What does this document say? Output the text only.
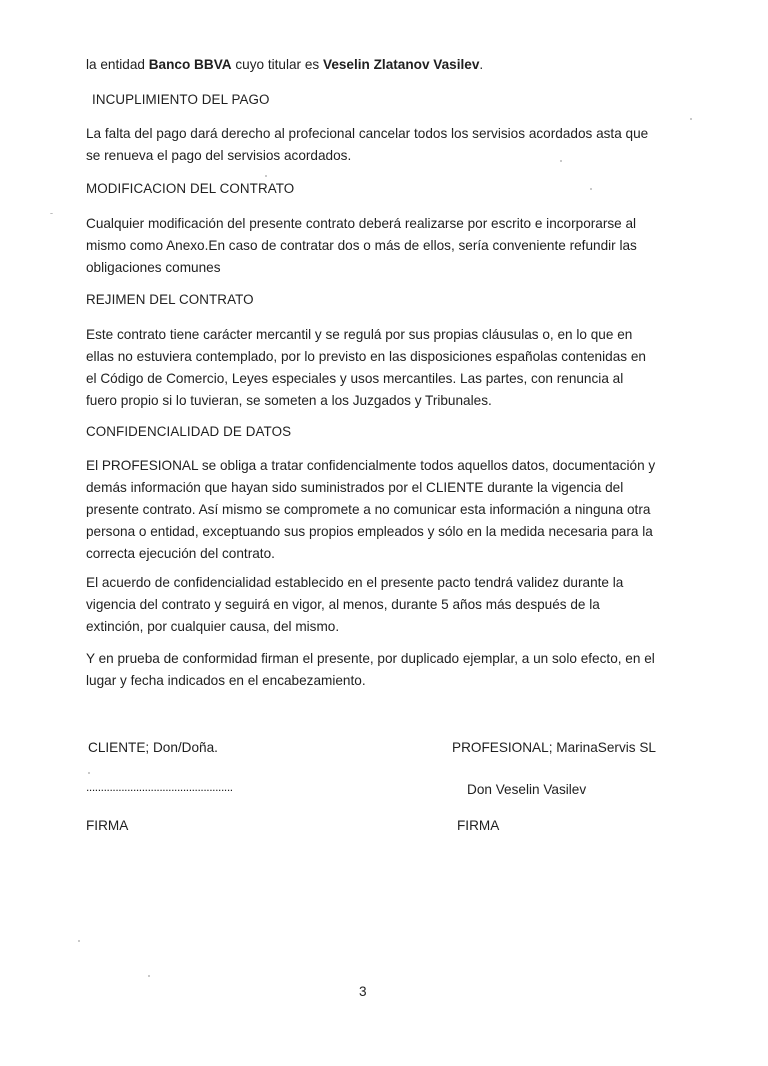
la entidad Banco BBVA cuyo titular es Veselin Zlatanov Vasilev.

INCUPLIMIENTO DEL PAGO

La falta del pago dará derecho al profecional cancelar todos los servisios acordados asta que se renueva el pago del servisios acordados.

MODIFICACION DEL CONTRATO

Cualquier modificación del presente contrato deberá realizarse por escrito e incorporarse al mismo como Anexo.En caso de contratar dos o más de ellos, sería conveniente refundir las obligaciones comunes

REJIMEN DEL CONTRATO

Este contrato tiene carácter mercantil y se regulá por sus propias cláusulas o, en lo que en ellas no estuviera contemplado, por lo previsto en las disposiciones españolas contenidas en el Código de Comercio, Leyes especiales y usos mercantiles. Las partes, con renuncia al fuero propio si lo tuvieran, se someten a los Juzgados y Tribunales.

CONFIDENCIALIDAD DE DATOS

El PROFESIONAL se obliga a tratar confidencialmente todos aquellos datos, documentación y demás información que hayan sido suministrados por el CLIENTE durante la vigencia del presente contrato. Así mismo se compromete a no comunicar esta información a ninguna otra persona o entidad, exceptuando sus propios empleados y sólo en la medida necesaria para la correcta ejecución del contrato.

El acuerdo de confidencialidad establecido en el presente pacto tendrá validez durante la vigencia del contrato y seguirá en vigor, al menos, durante 5 años más después de la extinción, por cualquier causa, del mismo.

Y en prueba de conformidad firman el presente, por duplicado ejemplar, a un solo efecto, en el lugar y fecha indicados en el encabezamiento.

CLIENTE; Don/Doña.	PROFESIONAL; MarinaServis SL

..................................................	Don Veselin Vasilev

FIRMA	FIRMA

3
